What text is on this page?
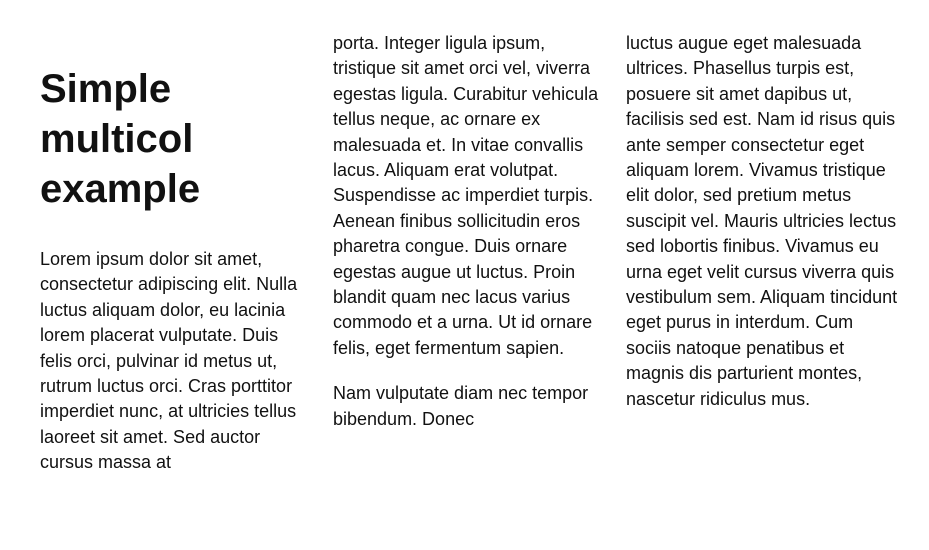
Simple multicol example

Lorem ipsum dolor sit amet, consectetur adipiscing elit. Nulla luctus aliquam dolor, eu lacinia lorem placerat vulputate. Duis felis orci, pulvinar id metus ut, rutrum luctus orci. Cras porttitor imperdiet nunc, at ultricies tellus laoreet sit amet. Sed auctor cursus massa at

porta. Integer ligula ipsum, tristique sit amet orci vel, viverra egestas ligula. Curabitur vehicula tellus neque, ac ornare ex malesuada et. In vitae convallis lacus. Aliquam erat volutpat. Suspendisse ac imperdiet turpis. Aenean finibus sollicitudin eros pharetra congue. Duis ornare egestas augue ut luctus. Proin blandit quam nec lacus varius commodo et a urna. Ut id ornare felis, eget fermentum sapien.

Nam vulputate diam nec tempor bibendum. Donec

luctus augue eget malesuada ultrices. Phasellus turpis est, posuere sit amet dapibus ut, facilisis sed est. Nam id risus quis ante semper consectetur eget aliquam lorem. Vivamus tristique elit dolor, sed pretium metus suscipit vel. Mauris ultricies lectus sed lobortis finibus. Vivamus eu urna eget velit cursus viverra quis vestibulum sem. Aliquam tincidunt eget purus in interdum. Cum sociis natoque penatibus et magnis dis parturient montes, nascetur ridiculus mus.
